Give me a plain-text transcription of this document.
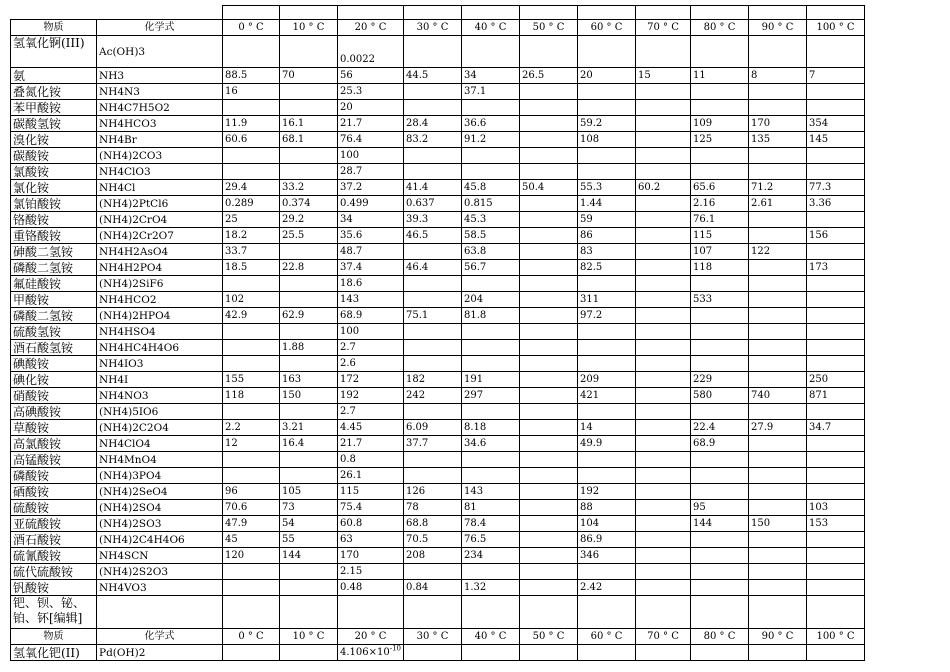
物质	化学式	0 ° C	10 ° C	20 ° C	30 ° C	40 ° C	50 ° C	60 ° C	70 ° C	80 ° C	90 ° C	100 ° C
氢氧化锕(III)	Ac(OH)3			0.0022								
氨	NH3	88.5	70	56	44.5	34	26.5	20	15	11	8	7
叠氮化铵	NH4N3	16		25.3		37.1						
苯甲酸铵	NH4C7H5O2			20								
碳酸氢铵	NH4HCO3	11.9	16.1	21.7	28.4	36.6		59.2		109	170	354
溴化铵	NH4Br	60.6	68.1	76.4	83.2	91.2		108		125	135	145
碳酸铵	(NH4)2CO3			100								
氯酸铵	NH4ClO3			28.7								
氯化铵	NH4Cl	29.4	33.2	37.2	41.4	45.8	50.4	55.3	60.2	65.6	71.2	77.3
氯铂酸铵	(NH4)2PtCl6	0.289	0.374	0.499	0.637	0.815		1.44		2.16	2.61	3.36
铬酸铵	(NH4)2CrO4	25	29.2	34	39.3	45.3		59		76.1		
重铬酸铵	(NH4)2Cr2O7	18.2	25.5	35.6	46.5	58.5		86		115		156
砷酸二氢铵	NH4H2AsO4	33.7		48.7		63.8		83		107	122	
磷酸二氢铵	NH4H2PO4	18.5	22.8	37.4	46.4	56.7		82.5		118		173
氟硅酸铵	(NH4)2SiF6			18.6								
甲酸铵	NH4HCO2	102		143		204		311		533		
磷酸二氢铵	(NH4)2HPO4	42.9	62.9	68.9	75.1	81.8		97.2				
硫酸氢铵	NH4HSO4			100								
酒石酸氢铵	NH4HC4H4O6		1.88	2.7								
碘酸铵	NH4IO3			2.6								
碘化铵	NH4I	155	163	172	182	191		209		229		250
硝酸铵	NH4NO3	118	150	192	242	297		421		580	740	871
高碘酸铵	(NH4)5IO6			2.7								
草酸铵	(NH4)2C2O4	2.2	3.21	4.45	6.09	8.18		14		22.4	27.9	34.7
高氯酸铵	NH4ClO4	12	16.4	21.7	37.7	34.6		49.9		68.9		
高锰酸铵	NH4MnO4			0.8								
磷酸铵	(NH4)3PO4			26.1								
硒酸铵	(NH4)2SeO4	96	105	115	126	143		192				
硫酸铵	(NH4)2SO4	70.6	73	75.4	78	81		88		95		103
亚硫酸铵	(NH4)2SO3	47.9	54	60.8	68.8	78.4		104		144	150	153
酒石酸铵	(NH4)2C4H4O6	45	55	63	70.5	76.5		86.9				
硫氰酸铵	NH4SCN	120	144	170	208	234		346				
硫代硫酸铵	(NH4)2S2O3			2.15								
钒酸铵	NH4VO3			0.48	0.84	1.32		2.42				
钯、钡、铋、铂、钚[编辑]												
物质	化学式	0 ° C	10 ° C	20 ° C	30 ° C	40 ° C	50 ° C	60 ° C	70 ° C	80 ° C	90 ° C	100 ° C
氢氧化钯(II)	Pd(OH)2			$4.106\times 10^{-10}$								
